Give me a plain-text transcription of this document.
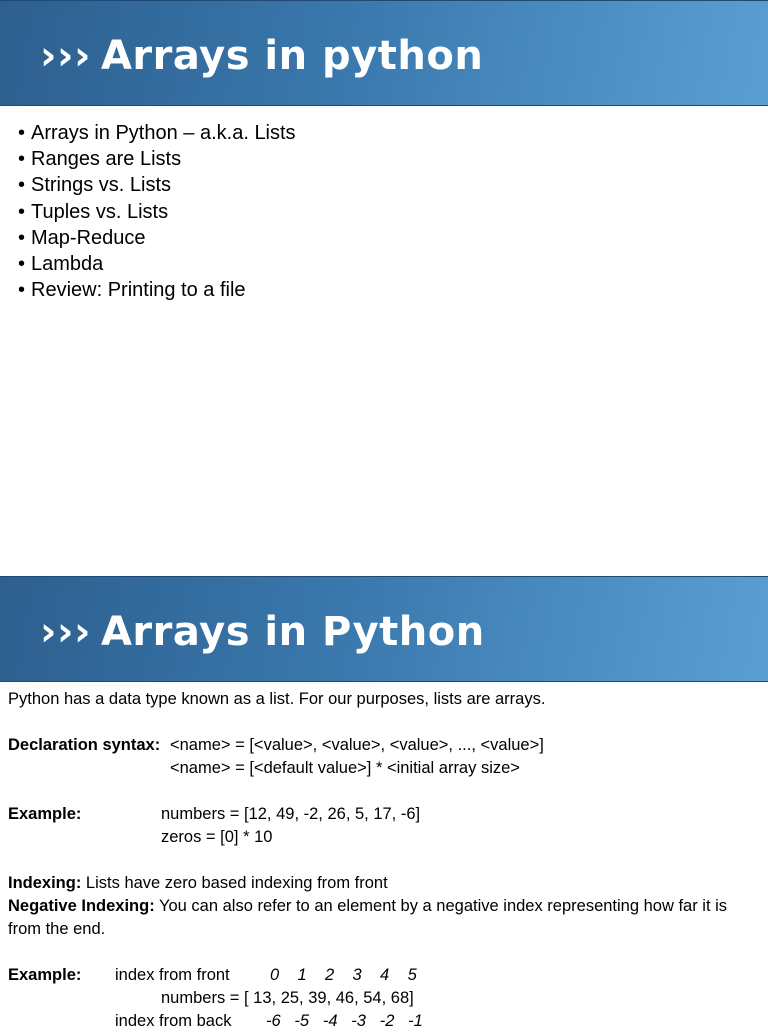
››› Arrays in python
• Arrays in Python – a.k.a. Lists
• Ranges are Lists
• Strings vs. Lists
• Tuples vs. Lists
• Map-Reduce
• Lambda
• Review: Printing to a file
››› Arrays in Python
Python has a data type known as a list. For our purposes, lists are arrays.
Declaration syntax: <name> = [<value>, <value>, <value>, ..., <value>]
<name> = [<default value>] * <initial array size>
Example:	numbers = [12, 49, -2, 26, 5, 17, -6]
zeros = [0] * 10
Indexing: Lists have zero based indexing from front
Negative Indexing: You can also refer to an element by a negative index representing how far it is from the end.
Example: index from front 0    1    2    3    4    5
numbers = [ 13, 25, 39, 46, 54, 68]
index from back -6   -5   -4   -3   -2   -1
